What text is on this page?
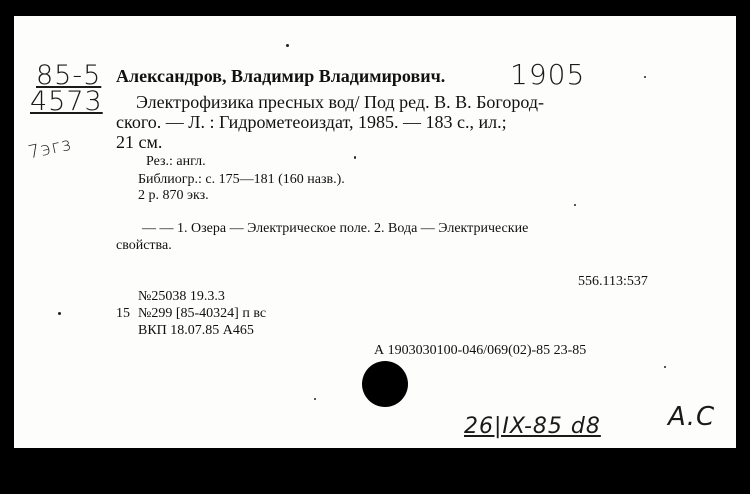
85-5
4573
7эгз
1905
Александров, Владимир Владимирович.
Электрофизика пресных вод/ Под ред. В. В. Богород-
ского. — Л. : Гидрометеоиздат, 1985. — 183 с., ил.;
21 см.
Рез.: англ.
Библиогр.: с. 175—181 (160 назв.).
2 р. 870 экз.
— — 1. Озера — Электрическое поле. 2. Вода — Электрические
свойства.
556.113:537
№25038 19.3.3
15 №299 [85-40324] п вс
ВКП 18.07.85 А465
А 1903030100-046/069(02)-85 23-85
26|IX-85 d8	А.С
